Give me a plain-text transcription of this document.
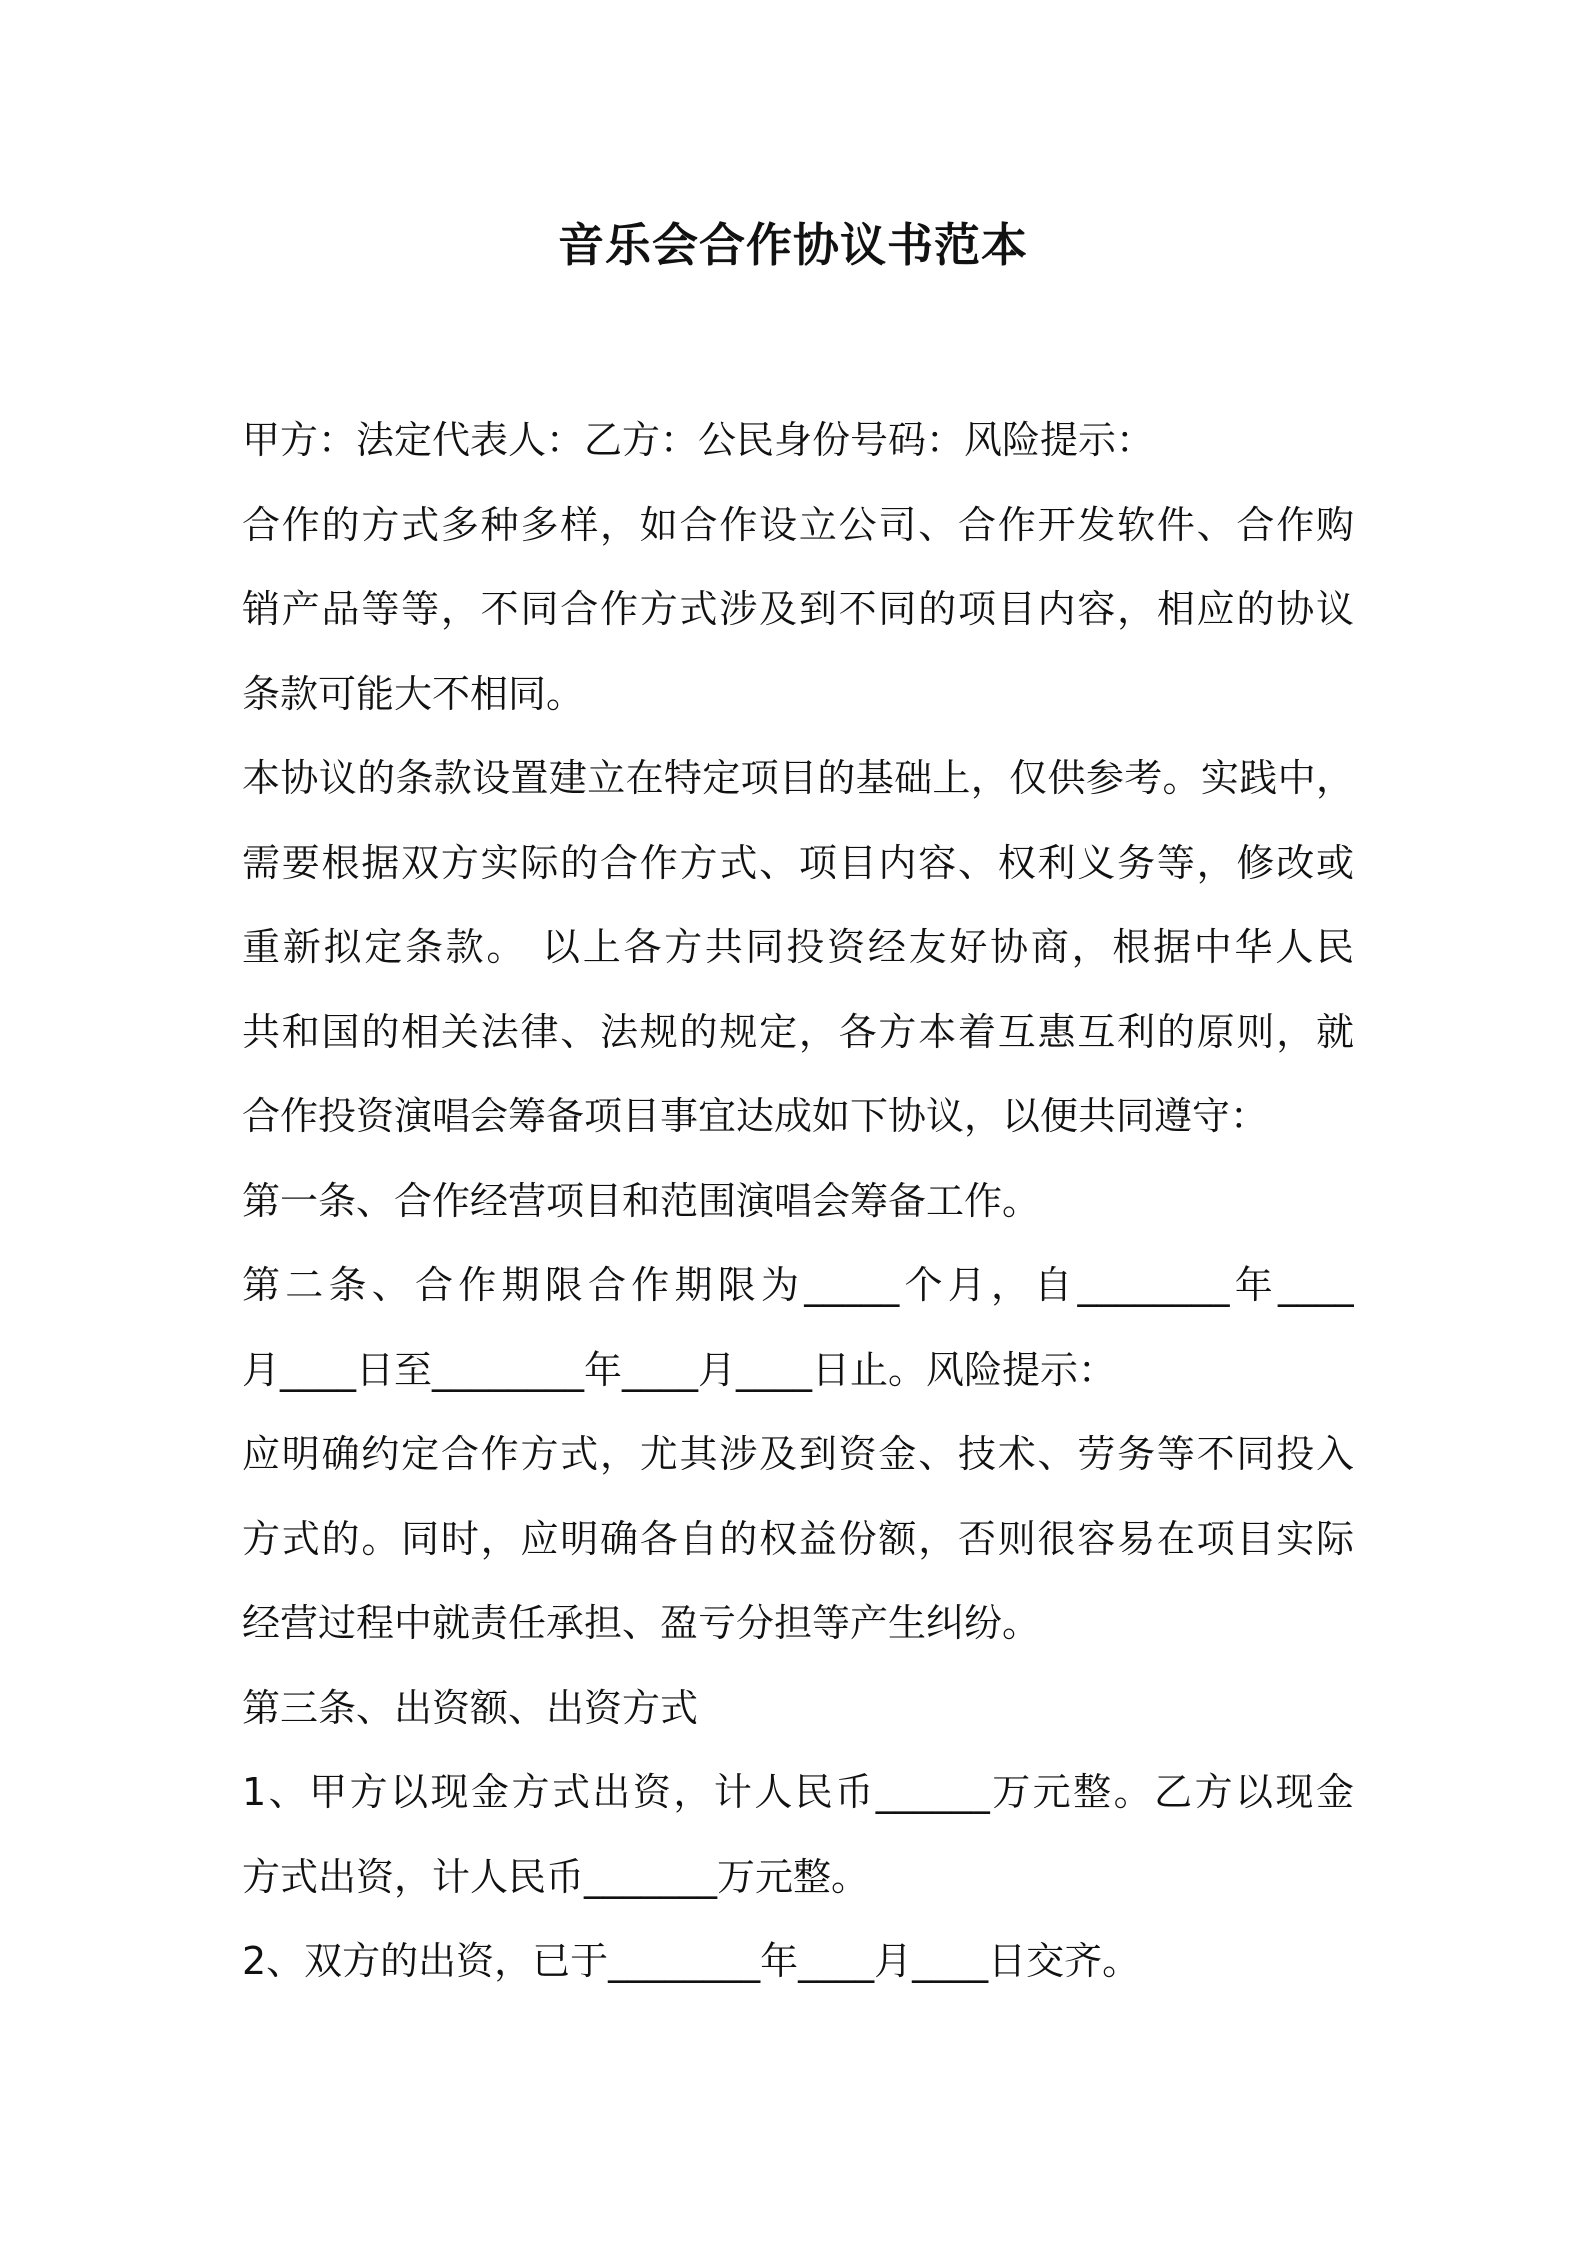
音乐会合作协议书范本
甲方：法定代表人：乙方：公民身份号码：风险提示：
合作的方式多种多样，如合作设立公司、合作开发软件、合作购
销产品等等，不同合作方式涉及到不同的项目内容，相应的协议
条款可能大不相同。
本协议的条款设置建立在特定项目的基础上，仅供参考。实践中，
需要根据双方实际的合作方式、项目内容、权利义务等，修改或
重新拟定条款。 以上各方共同投资经友好协商，根据中华人民
共和国的相关法律、法规的规定，各方本着互惠互利的原则，就
合作投资演唱会筹备项目事宜达成如下协议，以便共同遵守：
第一条、合作经营项目和范围演唱会筹备工作。
第二条、合作期限合作期限为_____个月，自________年____
月____日至________年____月____日止。风险提示：
应明确约定合作方式，尤其涉及到资金、技术、劳务等不同投入
方式的。同时，应明确各自的权益份额，否则很容易在项目实际
经营过程中就责任承担、盈亏分担等产生纠纷。
第三条、出资额、出资方式
1、甲方以现金方式出资，计人民币______万元整。乙方以现金
方式出资，计人民币_______万元整。
2、双方的出资，已于________年____月____日交齐。
